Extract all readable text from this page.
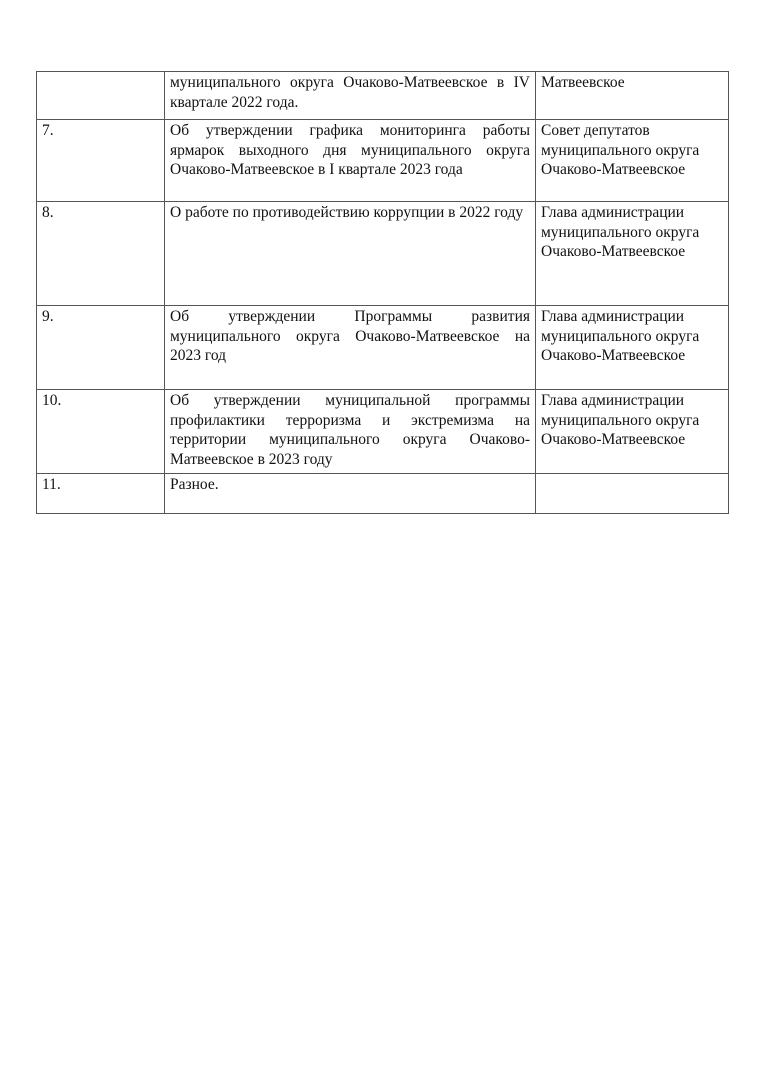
	муниципального округа Очаково-Матвеевское в IV квартале 2022 года.	Матвеевское
7.	Об утверждении графика мониторинга работы ярмарок выходного дня муниципального округа Очаково-Матвеевское в I квартале 2023 года	Совет депутатов муниципального округа Очаково-Матвеевское
8.	О работе по противодействию коррупции в 2022 году	Глава администрации муниципального округа Очаково-Матвеевское
9.	Об утверждении Программы развития муниципального округа Очаково-Матвеевское на 2023 год	Глава администрации муниципального округа Очаково-Матвеевское
10.	Об утверждении муниципальной программы профилактики терроризма и экстремизма на территории муниципального округа Очаково-Матвеевское в 2023 году	Глава администрации муниципального округа Очаково-Матвеевское
11.	Разное.	
